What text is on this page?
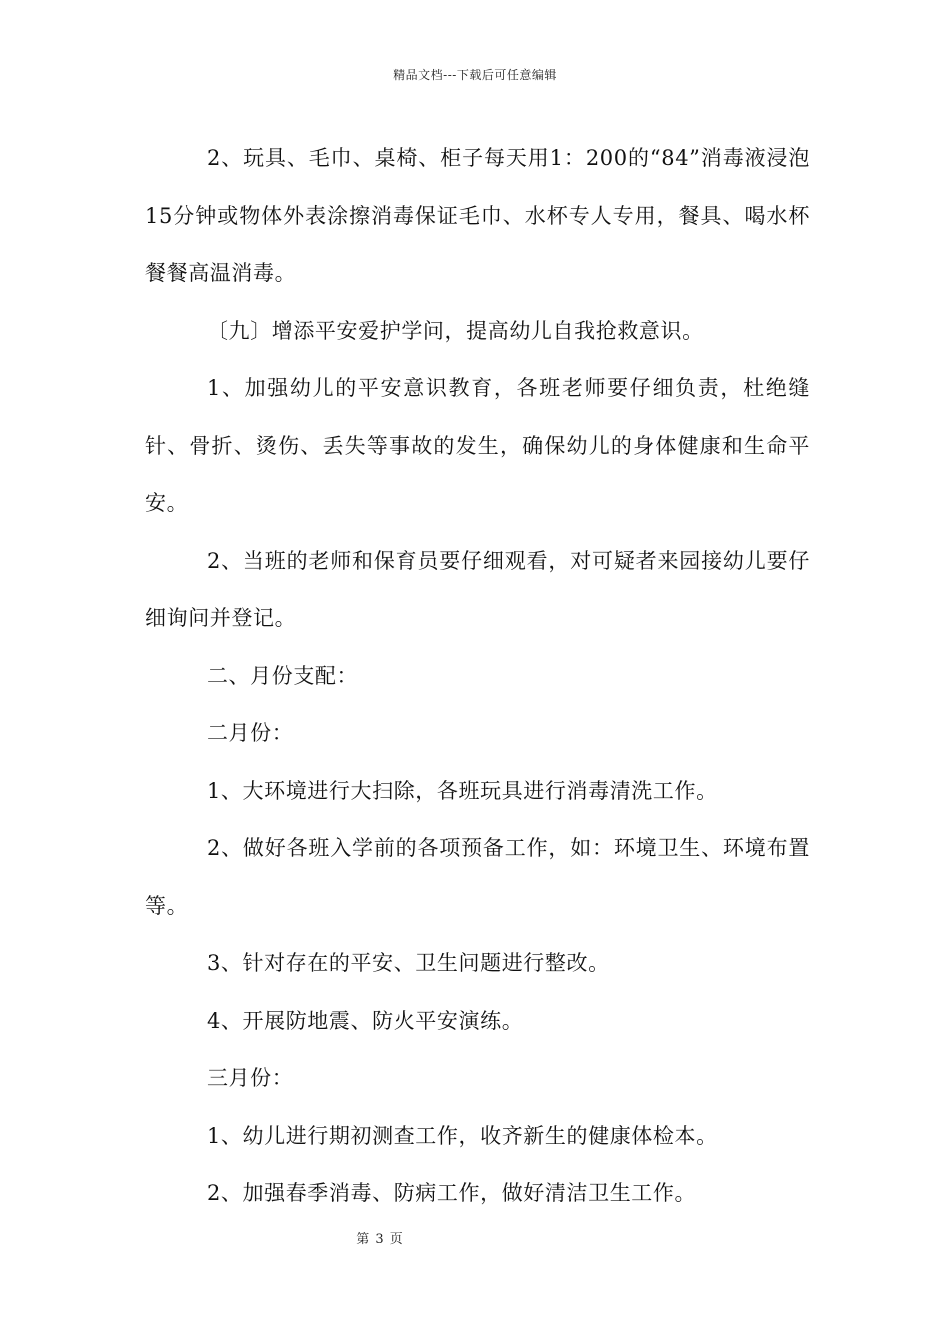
精品文档---下载后可任意编辑

2、玩具、毛巾、桌椅、柜子每天用1：200的“84”消毒液浸泡15分钟或物体外表涂擦消毒保证毛巾、水杯专人专用，餐具、喝水杯餐餐高温消毒。

〔九〕增添平安爱护学问，提高幼儿自我抢救意识。

1、加强幼儿的平安意识教育，各班老师要仔细负责，杜绝缝针、骨折、烫伤、丢失等事故的发生，确保幼儿的身体健康和生命平安。

2、当班的老师和保育员要仔细观看，对可疑者来园接幼儿要仔细询问并登记。

二、月份支配：

二月份：

1、大环境进行大扫除，各班玩具进行消毒清洗工作。

2、做好各班入学前的各项预备工作，如：环境卫生、环境布置等。

3、针对存在的平安、卫生问题进行整改。

4、开展防地震、防火平安演练。

三月份：

1、幼儿进行期初测查工作，收齐新生的健康体检本。

2、加强春季消毒、防病工作，做好清洁卫生工作。

第 3 页
